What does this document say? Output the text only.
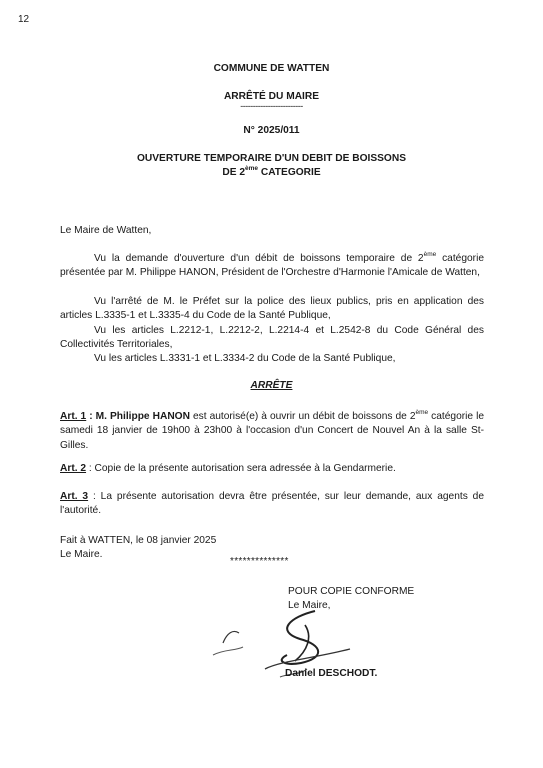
12
COMMUNE DE WATTEN
ARRÊTÉ DU MAIRE
-------------------------
N° 2025/011
OUVERTURE TEMPORAIRE D'UN DEBIT DE BOISSONS
DE 2ème CATEGORIE
Le Maire de Watten,
Vu la demande d'ouverture d'un débit de boissons temporaire de 2ème catégorie présentée par M. Philippe HANON, Président de l'Orchestre d'Harmonie l'Amicale de Watten,
Vu l'arrêté de M. le Préfet sur la police des lieux publics, pris en application des articles L.3335-1 et L.3335-4 du Code de la Santé Publique,
Vu les articles L.2212-1, L.2212-2, L.2214-4 et L.2542-8 du Code Général des Collectivités Territoriales,
Vu les articles L.3331-1 et L.3334-2 du Code de la Santé Publique,
ARRÊTE
Art. 1 : M. Philippe HANON est autorisé(e) à ouvrir un débit de boissons de 2ème catégorie le samedi 18 janvier de 19h00 à 23h00 à l'occasion d'un Concert de Nouvel An à la salle St-Gilles.
Art. 2 : Copie de la présente autorisation sera adressée à la Gendarmerie.
Art. 3 : La présente autorisation devra être présentée, sur leur demande, aux agents de l'autorité.
Fait à WATTEN, le 08 janvier 2025
Le Maire.
**************
POUR COPIE CONFORME
Le Maire,
Daniel DESCHODT.
